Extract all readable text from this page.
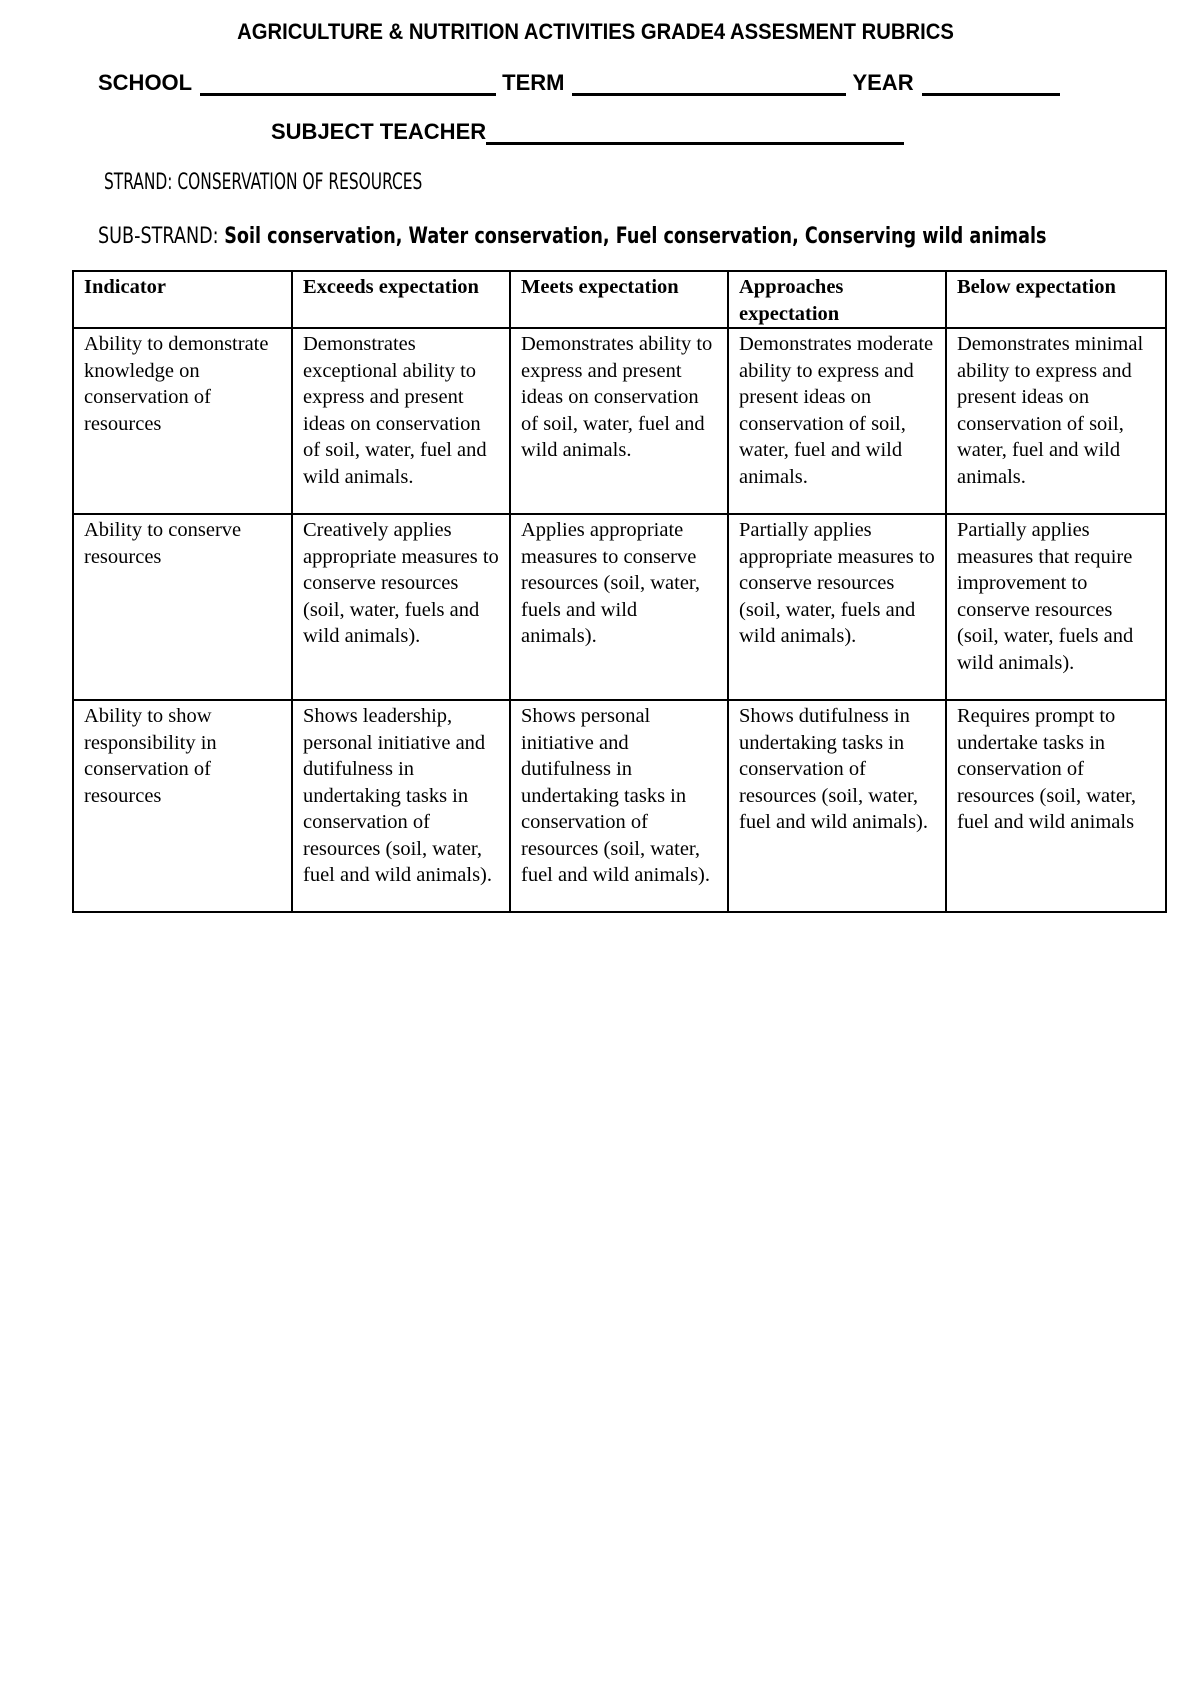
AGRICULTURE & NUTRITION ACTIVITIES GRADE4 ASSESMENT RUBRICS
SCHOOL	TERM	YEAR
SUBJECT TEACHER
STRAND: CONSERVATION OF RESOURCES
SUB-STRAND: Soil conservation, Water conservation, Fuel conservation, Conserving wild animals
Indicator	Exceeds expectation	Meets expectation	Approaches expectation	Below expectation
Ability to demonstrate knowledge on conservation of resources	Demonstrates exceptional ability to express and present ideas on conservation of soil, water, fuel and wild animals.	Demonstrates ability to express and present ideas on conservation of soil, water, fuel and wild animals.	Demonstrates moderate ability to express and present ideas on conservation of soil, water, fuel and wild animals.	Demonstrates minimal ability to express and present ideas on conservation of soil, water, fuel and wild animals.
Ability to conserve resources	Creatively applies appropriate measures to conserve resources (soil, water, fuels and wild animals).	Applies appropriate measures to conserve resources (soil, water, fuels and wild animals).	Partially applies appropriate measures to conserve resources (soil, water, fuels and wild animals).	Partially applies measures that require improvement to conserve resources (soil, water, fuels and wild animals).
Ability to show responsibility in conservation of resources	Shows leadership, personal initiative and dutifulness in undertaking tasks in conservation of resources (soil, water, fuel and wild animals).	Shows personal initiative and dutifulness in undertaking tasks in conservation of resources (soil, water, fuel and wild animals).	Shows dutifulness in undertaking tasks in conservation of resources (soil, water, fuel and wild animals).	Requires prompt to undertake tasks in conservation of resources (soil, water, fuel and wild animals
